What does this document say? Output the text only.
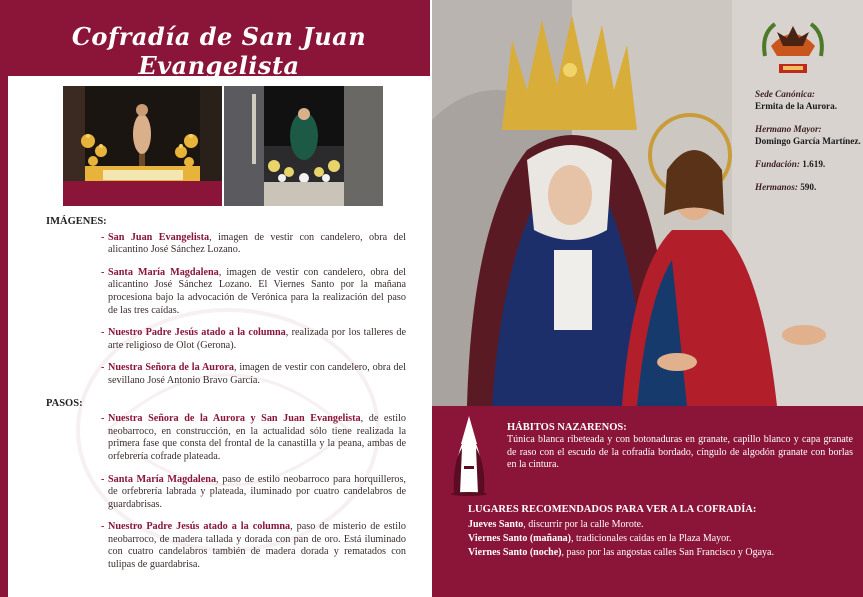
Cofradía de San Juan Evangelista
IMÁGENES:
- San Juan Evangelista, imagen de vestir con candelero, obra del alicantino José Sánchez Lozano.
- Santa María Magdalena, imagen de vestir con candelero, obra del alicantino José Sánchez Lozano. El Viernes Santo por la mañana procesiona bajo la advocación de Verónica para la realización del paso de las tres caídas.
- Nuestro Padre Jesús atado a la columna, realizada por los talleres de arte religioso de Olot (Gerona).
- Nuestra Señora de la Aurora, imagen de vestir con candelero, obra del sevillano José Antonio Bravo García.
PASOS:
- Nuestra Señora de la Aurora y San Juan Evangelista, de estilo neobarroco, en construcción, en la actualidad sólo tiene realizada la primera fase que consta del frontal de la canastilla y la peana, ambas de orfebrería cofrade plateada.
- Santa María Magdalena, paso de estilo neobarroco para horquilleros, de orfebrería labrada y plateada, iluminado por cuatro candelabros de guardabrisas.
- Nuestro Padre Jesús atado a la columna, paso de misterio de estilo neobarroco, de madera tallada y dorada con pan de oro. Está iluminado con cuatro candelabros también de madera dorada y rematados con tulipas de guardabrisa.
Sede Canónica:
Ermita de la Aurora.
Hermano Mayor:
Domingo García Martínez.
Fundación: 1.619.
Hermanos: 590.
HÁBITOS NAZARENOS:
Túnica blanca ribeteada y con botonaduras en granate, capillo blanco y capa granate de raso con el escudo de la cofradía bordado, cíngulo de algodón granate con borlas en la cintura.
LUGARES RECOMENDADOS PARA VER A LA COFRADÍA:
Jueves Santo, discurrir por la calle Morote.
Viernes Santo (mañana), tradicionales caídas en la Plaza Mayor.
Viernes Santo (noche), paso por las angostas calles San Francisco y Ogaya.
